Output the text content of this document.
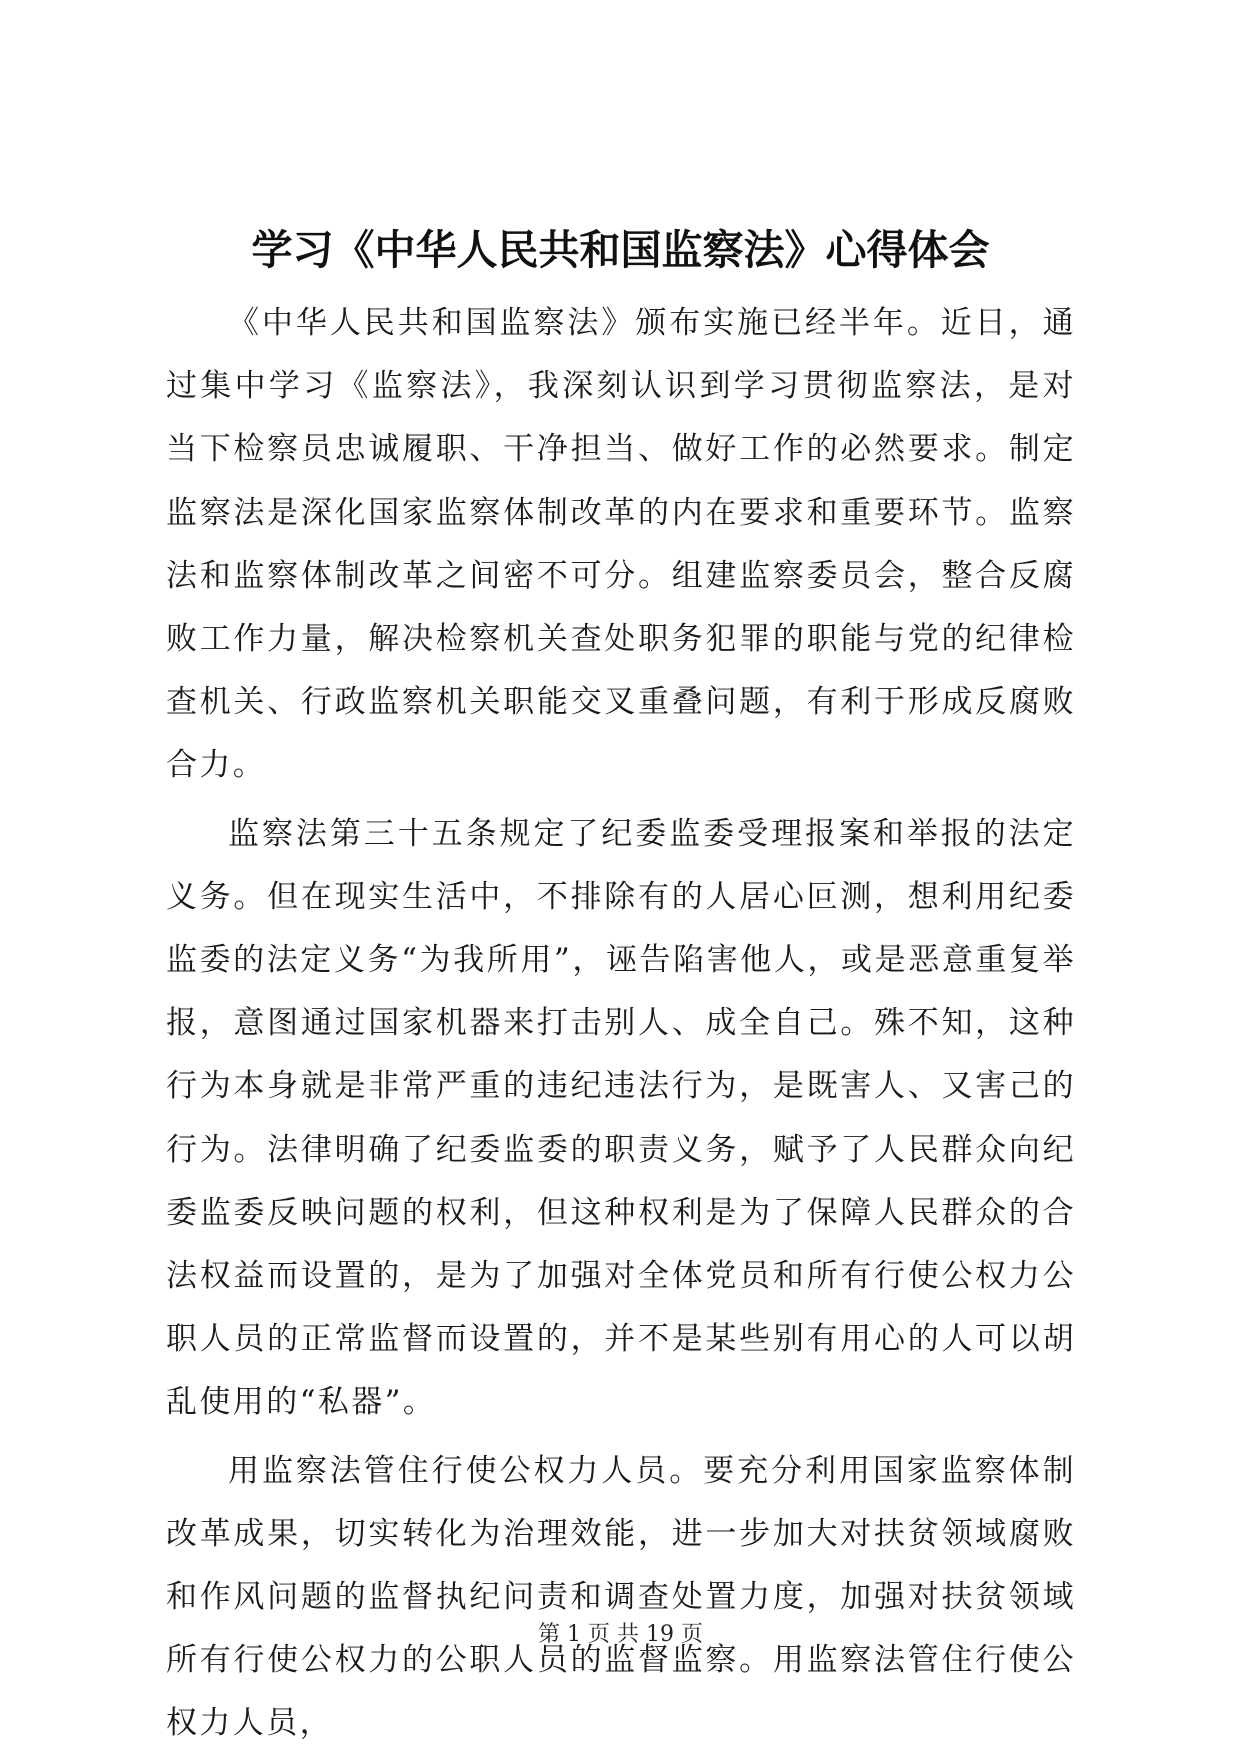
学习《中华人民共和国监察法》心得体会

《中华人民共和国监察法》颁布实施已经半年。近日，通过集中学习《监察法》，我深刻认识到学习贯彻监察法，是对当下检察员忠诚履职、干净担当、做好工作的必然要求。制定监察法是深化国家监察体制改革的内在要求和重要环节。监察法和监察体制改革之间密不可分。组建监察委员会，整合反腐败工作力量，解决检察机关查处职务犯罪的职能与党的纪律检查机关、行政监察机关职能交叉重叠问题，有利于形成反腐败合力。

监察法第三十五条规定了纪委监委受理报案和举报的法定义务。但在现实生活中，不排除有的人居心叵测，想利用纪委监委的法定义务“为我所用”，诬告陷害他人，或是恶意重复举报，意图通过国家机器来打击别人、成全自己。殊不知，这种行为本身就是非常严重的违纪违法行为，是既害人、又害己的行为。法律明确了纪委监委的职责义务，赋予了人民群众向纪委监委反映问题的权利，但这种权利是为了保障人民群众的合法权益而设置的，是为了加强对全体党员和所有行使公权力公职人员的正常监督而设置的，并不是某些别有用心的人可以胡乱使用的“私器”。

用监察法管住行使公权力人员。要充分利用国家监察体制改革成果，切实转化为治理效能，进一步加大对扶贫领域腐败和作风问题的监督执纪问责和调查处置力度，加强对扶贫领域所有行使公权力的公职人员的监督监察。用监察法管住行使公权力人员，

第 1 页 共 19 页
